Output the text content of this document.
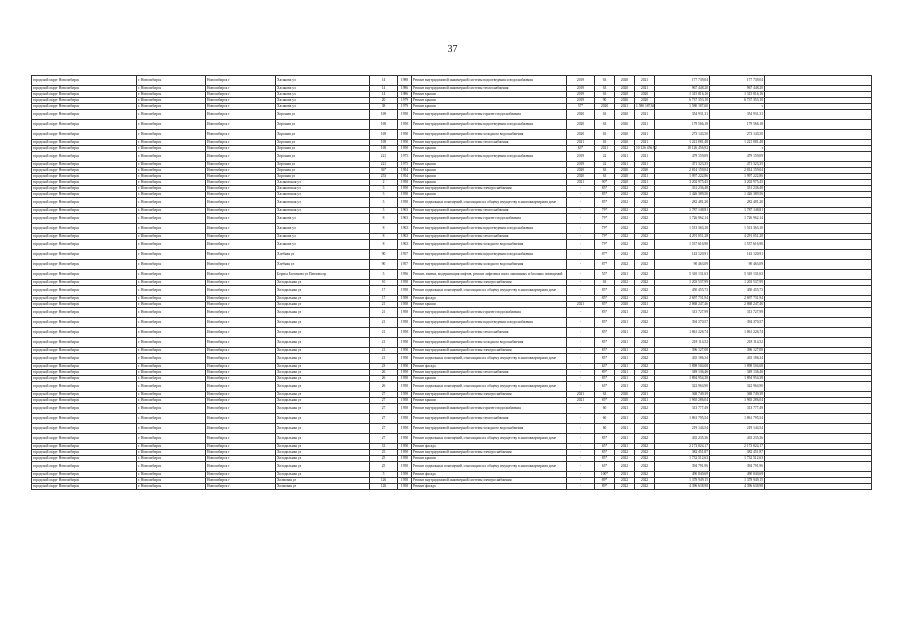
37
городской округ Новосибирск	г. Новосибирск	Новосибирск г	Хасанова ул	14	1988	Ремонт внутридомовой инженерной системы водоотведения и водоснабжения	2019	63	2020	2021	177 739,04	177 739,04	
городской округ Новосибирск	г. Новосибирск	Новосибирск г	Хасанова ул	14	1986	Ремонт внутридомовой инженерной системы теплоснабжения	2019	63	2020	2021	967 448,20	967 448,20	
городской округ Новосибирск	г. Новосибирск	Новосибирск г	Хасанова ул	14	1986	Ремонт крыши	2019	63	2020	2020	1 315 816,16	1 315 816,16	
городской округ Новосибирск	г. Новосибирск	Новосибирск г	Хасанова ул	20	1979	Ремонт крыши	2019	90	2020	2020	6 737 353,10	6 737 353,10	
городской округ Новосибирск	г. Новосибирск	Новосибирск г	Хасанова ул	38	1979	Ремонт крыши	37*	2020	2021	1 580 187,60	1 580 187,60	s	
городской округ Новосибирск	г. Новосибирск	Новосибирск г	Хорошая ул	169	1958	Ремонт внутридомовой инженерной системы горячего водоснабжения	2020	63	2020	2021	354 931,31	354 931,31	
городской округ Новосибирск	г. Новосибирск	Новосибирск г	Хорошая ул	169	1958	Ремонт внутридомовой инженерной системы водоотведения и водоснабжения	2020	63	2020	2021	179 566,18	179 566,18	
городской округ Новосибирск	г. Новосибирск	Новосибирск г	Хорошая ул	169	1958	Ремонт внутридомовой инженерной системы холодного водоснабжения	2020	63	2020	2021	273 143,50	273 143,50	
городской округ Новосибирск	г. Новосибирск	Новосибирск г	Хорошая ул	169	1958	Ремонт внутридомовой инженерной системы теплоснабжения	2021	63	2020	2021	1 221 081,48	1 221 081,48	
городской округ Новосибирск	г. Новосибирск	Новосибирск г	Хорошая ул	169	1958	Ремонт крыши	63*	2021	2022	10 126 456,92	10 126 456,92	s	
городской округ Новосибирск	г. Новосибирск	Новосибирск г	Хорошая ул	221	1975	Ремонт внутридомовой инженерной системы водоотведения и водоснабжения	2019	22	2021	2021	479 159,09	479 159,09	
городской округ Новосибирск	г. Новосибирск	Новосибирск г	Хорошая ул	221	1975	Ремонт крыши	2019	22	2021	2021	471 323,35	471 323,35	
городской округ Новосибирск	г. Новосибирск	Новосибирск г	Хорошая ул	36*	1954	Ремонт крыши	2020	63	2020	2020	2 814 159,04	2 814 159,04	
городской округ Новосибирск	г. Новосибирск	Новосибирск г	Хорошая ул	253	1954	Ремонт крыши	2020	63	2020	2021	1 997 222,86	1 997 222,86	
городской округ Новосибирск	г. Новосибирск	Новосибирск г	Хасановская ул	2	1958	Ремонт крыши	2021	90*	2020	2021	3 202 975,45	3 202 975,45	
городской округ Новосибирск	г. Новосибирск	Новосибирск г	Хасановская ул	3	1958	Ремонт внутридомовой инженерной системы электроснабжения	-	85*	2022	2022	331 236,48	331 236,48	
городской округ Новосибирск	г. Новосибирск	Новосибирск г	Хасановская ул	3	1958	Ремонт крыши	-	85*	2022	2022	1 426 389,56	1 426 389,56	
городской округ Новосибирск	г. Новосибирск	Новосибирск г	Хасановская ул	5	1958	Ремонт подвальных помещений, относящихся к общему имуществу в многоквартирном доме	-	85*	2022	2022	282 481,20	282 481,20	
городской округ Новосибирск	г. Новосибирск	Новосибирск г	Хасановская ул	5	1963	Ремонт внутридомовой инженерной системы теплоснабжения	-	79*	2022	2022	1 787 148,81	1 787 148,81	
городской округ Новосибирск	г. Новосибирск	Новосибирск г	Хасанова ул	8	1963	Ремонт внутридомовой инженерной системы горячего водоснабжения	-	79*	2022	2022	1 726 962,14	1 726 962,14	
городской округ Новосибирск	г. Новосибирск	Новосибирск г	Хасанова ул	8	1963	Ремонт внутридомовой инженерной системы водоотведения и водоснабжения	-	79*	2022	2022	1 513 363,10	1 513 363,10	
городской округ Новосибирск	г. Новосибирск	Новосибирск г	Хасанова ул	8	1963	Ремонт внутридомовой инженерной системы теплоснабжения	-	79*	2022	2022	4 291 051,28	4 291 051,28	
городской округ Новосибирск	г. Новосибирск	Новосибирск г	Хасанова ул	8	1963	Ремонт внутридомовой инженерной системы холодного водоснабжения	-	79*	2022	2022	1 537 616,90	1 537 616,90	
городской округ Новосибирск	г. Новосибирск	Новосибирск г	Хлебная ул	90	1957	Ремонт внутридомовой инженерной системы водоотведения и водоснабжения	-	87*	2022	2022	143 120,91	143 120,91	
городской округ Новосибирск	г. Новосибирск	Новосибирск г	Хлебная ул	90	1957	Ремонт внутридомовой инженерной системы холодного водоснабжения	-	87*	2022	2022	90 463,09	90 463,09	
городской округ Новосибирск	г. Новосибирск	Новосибирск г	Бориса Богаткова ул Павлова пр	5	1956	Ремонт, замена, модернизация лифтов, ремонт лифтовых шахт, машинных и блочных помещений	-	55*	2021	2022	5 310 131,63	5 310 131,63	
городской округ Новосибирск	г. Новосибирск	Новосибирск г	Холодильная ул	10	1958	Ремонт внутридомовой инженерной системы электроснабжения	-	63	2022	2022	1 203 537,99	1 203 537,99	
городской округ Новосибирск	г. Новосибирск	Новосибирск г	Холодильная ул	17	1958	Ремонт подвальных помещений, относящихся к общему имуществу в многоквартирном доме	-	85*	2022	2022	450 455,73	450 455,73	
городской округ Новосибирск	г. Новосибирск	Новосибирск г	Холодильная ул	17	1958	Ремонт фасада	-	85*	2022	2022	2 697 731,94	2 697 731,94	
городской округ Новосибирск	г. Новосибирск	Новосибирск г	Холодильная ул	21	1958	Ремонт крыши	2021	85*	2020	2021	2 868 247,46	2 868 247,46	
городской округ Новосибирск	г. Новосибирск	Новосибирск г	Холодильная ул	21	1958	Ремонт внутридомовой инженерной системы горячего водоснабжения	-	83*	2021	2022	313 727,99	313 727,99	
городской округ Новосибирск	г. Новосибирск	Новосибирск г	Холодильная ул	21	1958	Ремонт внутридомовой инженерной системы водоотведения и водоснабжения	-	83*	2021	2022	394 370,57	394 370,57	
городской округ Новосибирск	г. Новосибирск	Новосибирск г	Холодильная ул	21	1958	Ремонт внутридомовой инженерной системы теплоснабжения	-	85*	2021	2022	1 861 226,74	1 861 226,74	
городской округ Новосибирск	г. Новосибирск	Новосибирск г	Холодильная ул	21	1958	Ремонт внутридомовой инженерной системы холодного водоснабжения	-	85*	2021	2022	218 114,52	218 114,52	
городской округ Новосибирск	г. Новосибирск	Новосибирск г	Холодильная ул	21	1958	Ремонт внутридомовой инженерной системы электроснабжения	-	83*	2021	2022	396 127,08	396 127,08	
городской округ Новосибирск	г. Новосибирск	Новосибирск г	Холодильная ул	21	1958	Ремонт подвальных помещений, относящихся к общему имуществу в многоквартирном доме	-	85*	2021	2022	435 186,34	435 186,34	
городской округ Новосибирск	г. Новосибирск	Новосибирск г	Холодильная ул	23	1958	Ремонт фасада	-	63*	2021	2022	1 898 504,68	1 898 504,68	
городской округ Новосибирск	г. Новосибирск	Новосибирск г	Холодильная ул	26	1958	Ремонт внутридомовой инженерной системы теплоснабжения	-	89*	2021	2022	349 136,46	349 136,46	
городской округ Новосибирск	г. Новосибирск	Новосибирск г	Холодильная ул	26	1958	Ремонт крыши	-	85*	2021	2022	1 894 954,38	1 894 954,38	
городской округ Новосибирск	г. Новосибирск	Новосибирск г	Холодильная ул	26	1958	Ремонт подвальных помещений, относящихся к общему имуществу в многоквартирном доме	-	63*	2021	2022	322 964,90	322 964,90	
городской округ Новосибирск	г. Новосибирск	Новосибирск г	Холодильная ул	27	1958	Ремонт внутридомовой инженерной системы электроснабжения	2021	63	2020	2021	368 749,39	368 749,39	
городской округ Новосибирск	г. Новосибирск	Новосибирск г	Холодильная ул	27	1958	Ремонт крыши	2021	85*	2020	2021	1 965 286,04	1 965 286,04	
городской округ Новосибирск	г. Новосибирск	Новосибирск г	Холодильная ул	27	1958	Ремонт внутридомовой инженерной системы горячего водоснабжения	-	60	2021	2022	313 777,49	313 777,49	
городской округ Новосибирск	г. Новосибирск	Новосибирск г	Холодильная ул	27	1958	Ремонт внутридомовой инженерной системы теплоснабжения	-	60	2021	2022	1 861 795,54	1 861 795,54	
городской округ Новосибирск	г. Новосибирск	Новосибирск г	Холодильная ул	27	1958	Ремонт внутридомовой инженерной системы холодного водоснабжения	-	60	2021	2022	219 144,54	219 144,54	
городской округ Новосибирск	г. Новосибирск	Новосибирск г	Холодильная ул	27	1958	Ремонт подвальных помещений, относящихся к общему имуществу в многоквартирном доме	-	85*	2021	2022	435 235,36	435 235,36	
городской округ Новосибирск	г. Новосибирск	Новосибирск г	Холодильная ул	31	1958	Ремонт фасада	-	65*	2021	2022	2 173 824,17	2 173 824,17	
городской округ Новосибирск	г. Новосибирск	Новосибирск г	Холодильная ул	25	1958	Ремонт внутридомовой инженерной системы электроснабжения	-	85*	2022	2022	382 451,87	382 451,87	
городской округ Новосибирск	г. Новосибирск	Новосибирск г	Холодильная ул	25	1958	Ремонт крыши	-	85*	2022	2022	1 732 512,63	1 732 512,63	
городской округ Новосибирск	г. Новосибирск	Новосибирск г	Холодильная ул	25	1958	Ремонт подвальных помещений, относящихся к общему имуществу в многоквартирном доме	-	63*	2022	2022	394 791,96	394 791,96	
городской округ Новосибирск	г. Новосибирск	Новосибирск г	Холодильная ул	5	1958	Ремонт фасада	-	100*	2021	2022	490 840,69	490 840,69	
городской округ Новосибирск	г. Новосибирск	Новосибирск г	Холмовая ул	126	1958	Ремонт внутридомовой инженерной системы электроснабжения	-	89*	2022	2022	1 378 949,15	1 378 949,15	
городской округ Новосибирск	г. Новосибирск	Новосибирск г	Холмовая ул	126	1958	Ремонт фасада	-	89*	2022	2022	4 396 638,98	4 396 638,98	
